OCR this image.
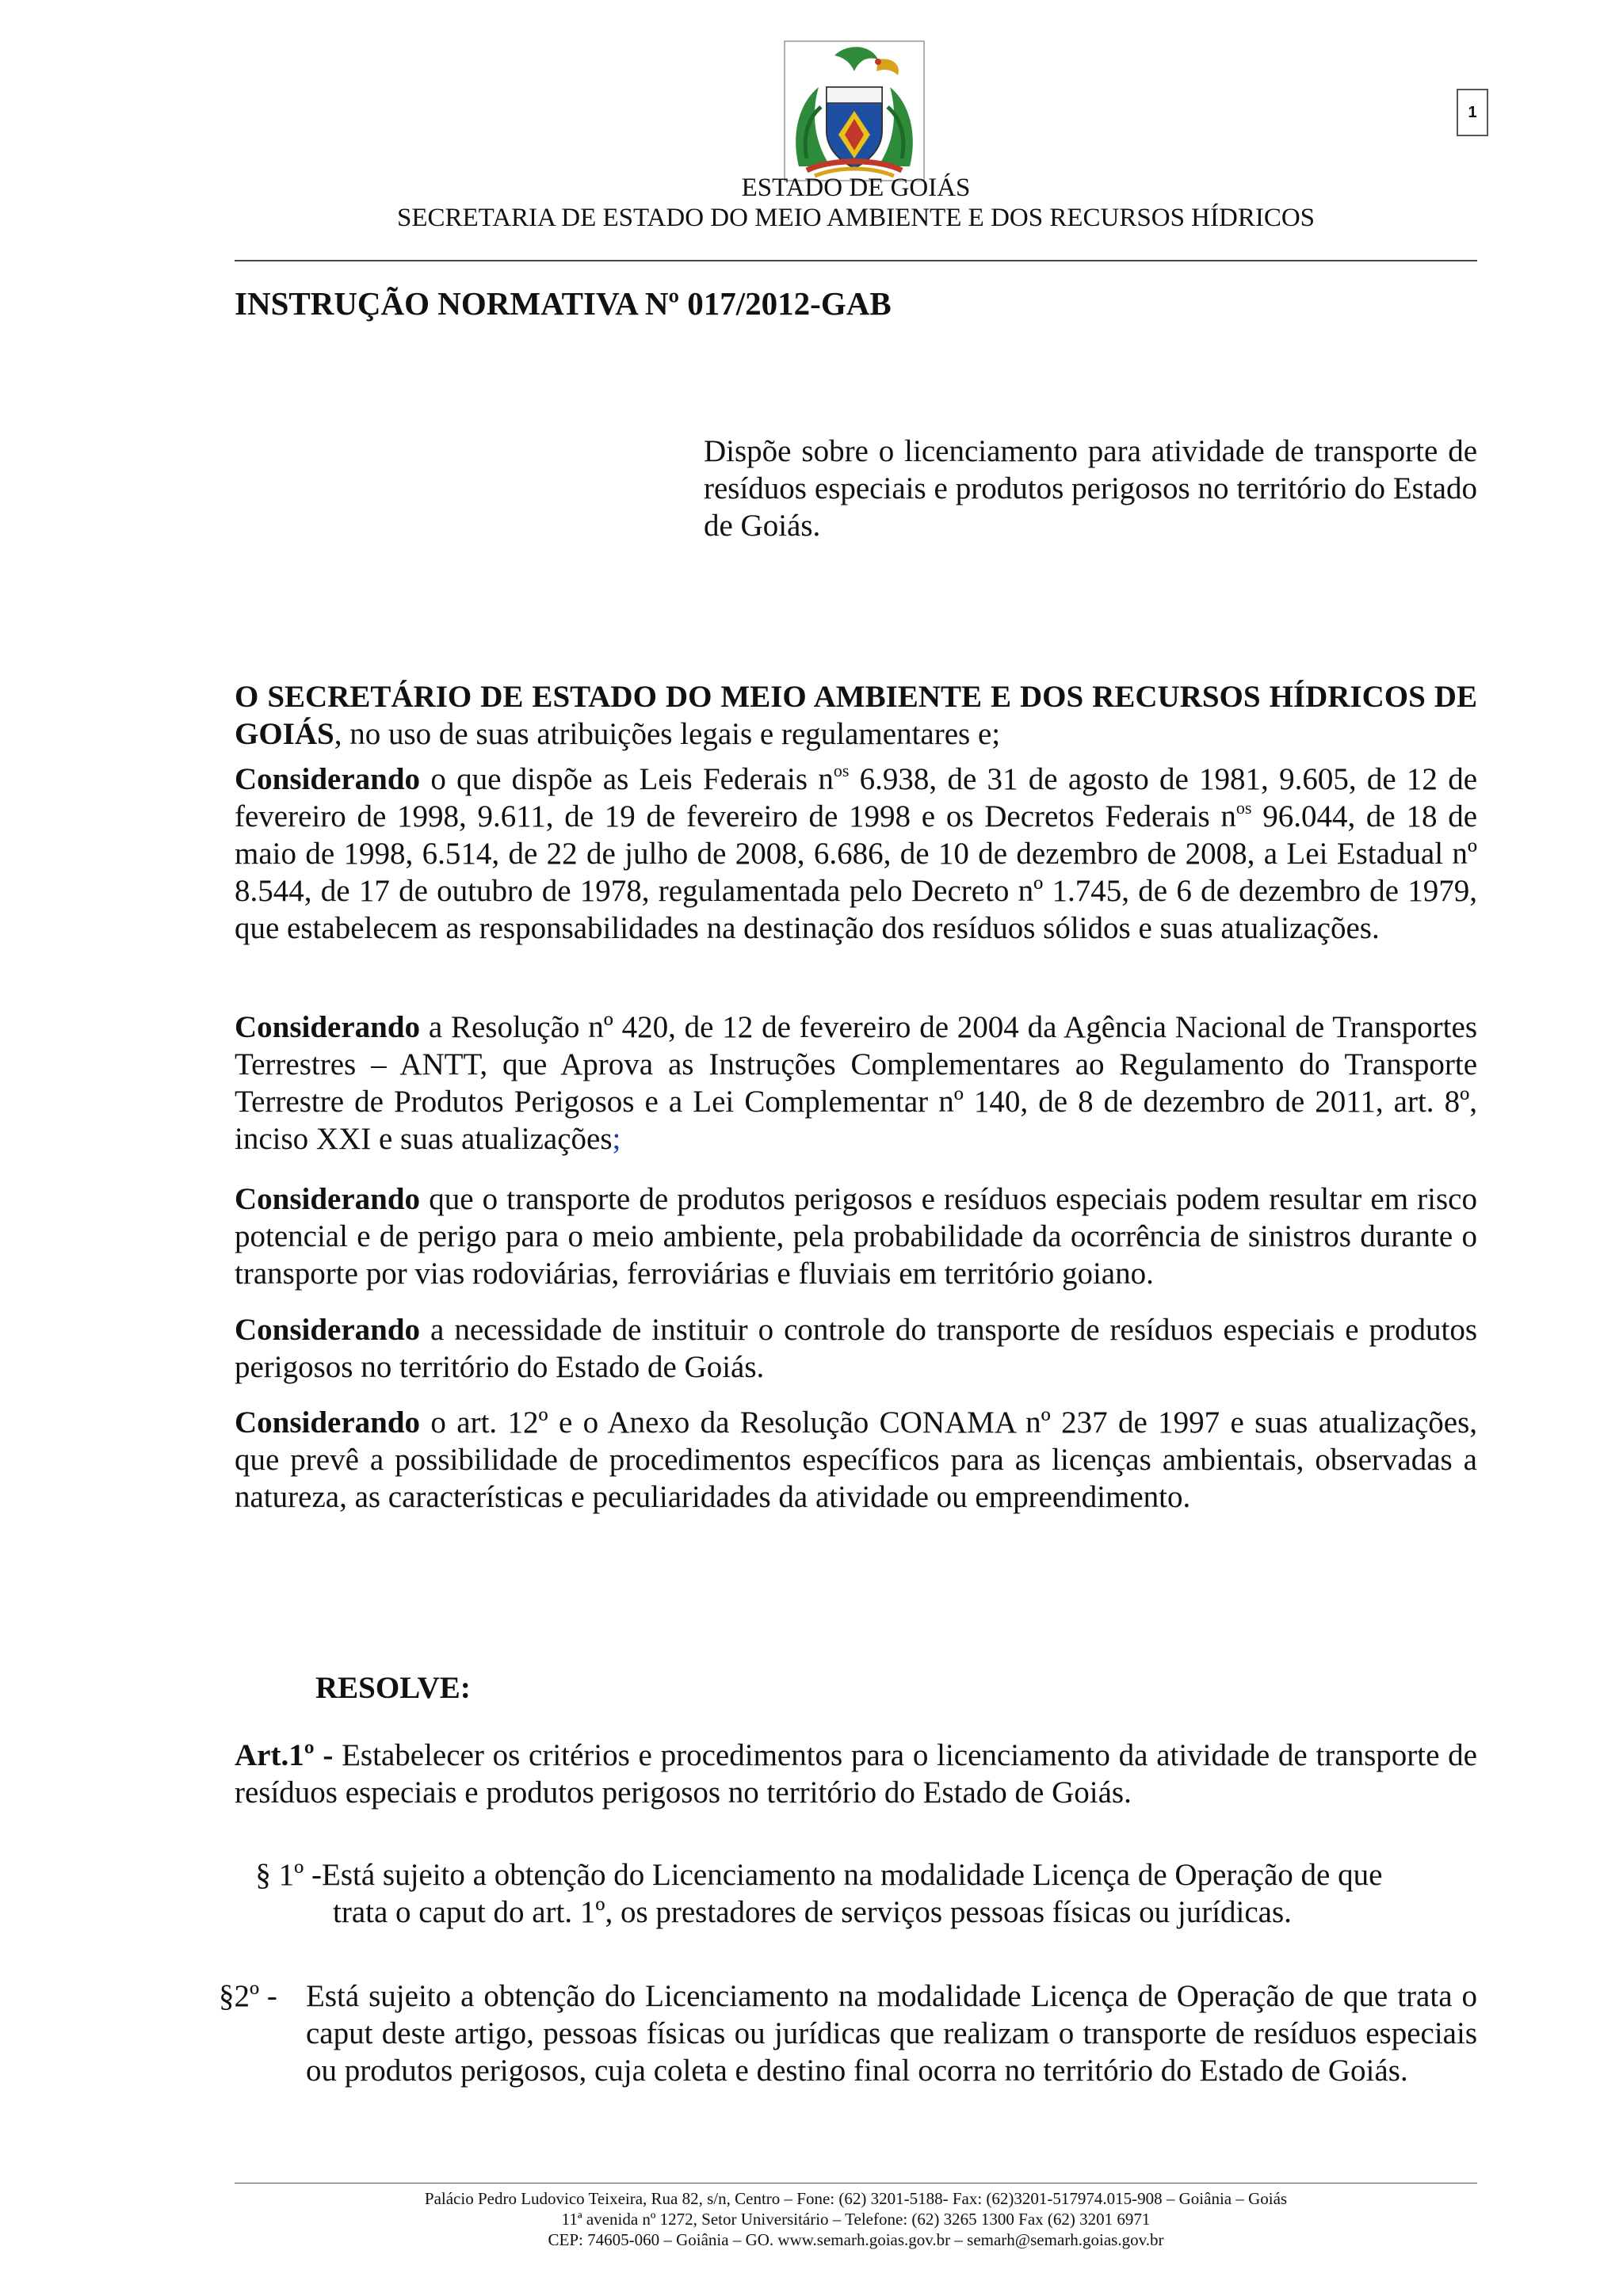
1
ESTADO DE GOIÁS
SECRETARIA DE ESTADO DO MEIO AMBIENTE E DOS RECURSOS HÍDRICOS
INSTRUÇÃO NORMATIVA Nº 017/2012-GAB
Dispõe sobre o licenciamento para atividade de transporte de resíduos especiais e produtos perigosos no território do Estado de Goiás.

O SECRETÁRIO DE ESTADO DO MEIO AMBIENTE E DOS RECURSOS HÍDRICOS DE GOIÁS, no uso de suas atribuições legais e regulamentares e;

Considerando o que dispõe as Leis Federais $n^{os}$ 6.938, de 31 de agosto de 1981, 9.605, de 12 de fevereiro de 1998, 9.611, de 19 de fevereiro de 1998 e os Decretos Federais $n^{os}$ 96.044, de 18 de maio de 1998, 6.514, de 22 de julho de 2008, 6.686, de 10 de dezembro de 2008, a Lei Estadual nº 8.544, de 17 de outubro de 1978, regulamentada pelo Decreto nº 1.745, de 6 de dezembro de 1979, que estabelecem as responsabilidades na destinação dos resíduos sólidos e suas atualizações.

Considerando a Resolução nº 420, de 12 de fevereiro de 2004 da Agência Nacional de Transportes Terrestres – ANTT, que Aprova as Instruções Complementares ao Regulamento do Transporte Terrestre de Produtos Perigosos e a Lei Complementar nº 140, de 8 de dezembro de 2011, art. 8º, inciso XXI e suas atualizações;

Considerando que o transporte de produtos perigosos e resíduos especiais podem resultar em risco potencial e de perigo para o meio ambiente, pela probabilidade da ocorrência de sinistros durante o transporte por vias rodoviárias, ferroviárias e fluviais em território goiano.

Considerando a necessidade de instituir o controle do transporte de resíduos especiais e produtos perigosos no território do Estado de Goiás.

Considerando o art. 12º e o Anexo da Resolução CONAMA nº 237 de 1997 e suas atualizações, que prevê a possibilidade de procedimentos específicos para as licenças ambientais, observadas a natureza, as características e peculiaridades da atividade ou empreendimento.

RESOLVE:

Art.1º - Estabelecer os critérios e procedimentos para o licenciamento da atividade de transporte de resíduos especiais e produtos perigosos no território do Estado de Goiás.

§ 1º - Está sujeito a obtenção do Licenciamento na modalidade Licença de Operação de que
trata o caput do art. 1º, os prestadores de serviços pessoas físicas ou jurídicas.
§2º - Está sujeito a obtenção do Licenciamento na modalidade Licença de Operação de que trata o caput deste artigo, pessoas físicas ou jurídicas que realizam o transporte de resíduos especiais ou produtos perigosos, cuja coleta e destino final ocorra no território do Estado de Goiás.
Palácio Pedro Ludovico Teixeira, Rua 82, s/n, Centro – Fone: (62) 3201-5188- Fax: (62)3201-517974.015-908 – Goiânia – Goiás
11ª avenida nº 1272, Setor Universitário – Telefone: (62) 3265 1300 Fax (62) 3201 6971
CEP: 74605-060 – Goiânia – GO. www.semarh.goias.gov.br – semarh@semarh.goias.gov.br
